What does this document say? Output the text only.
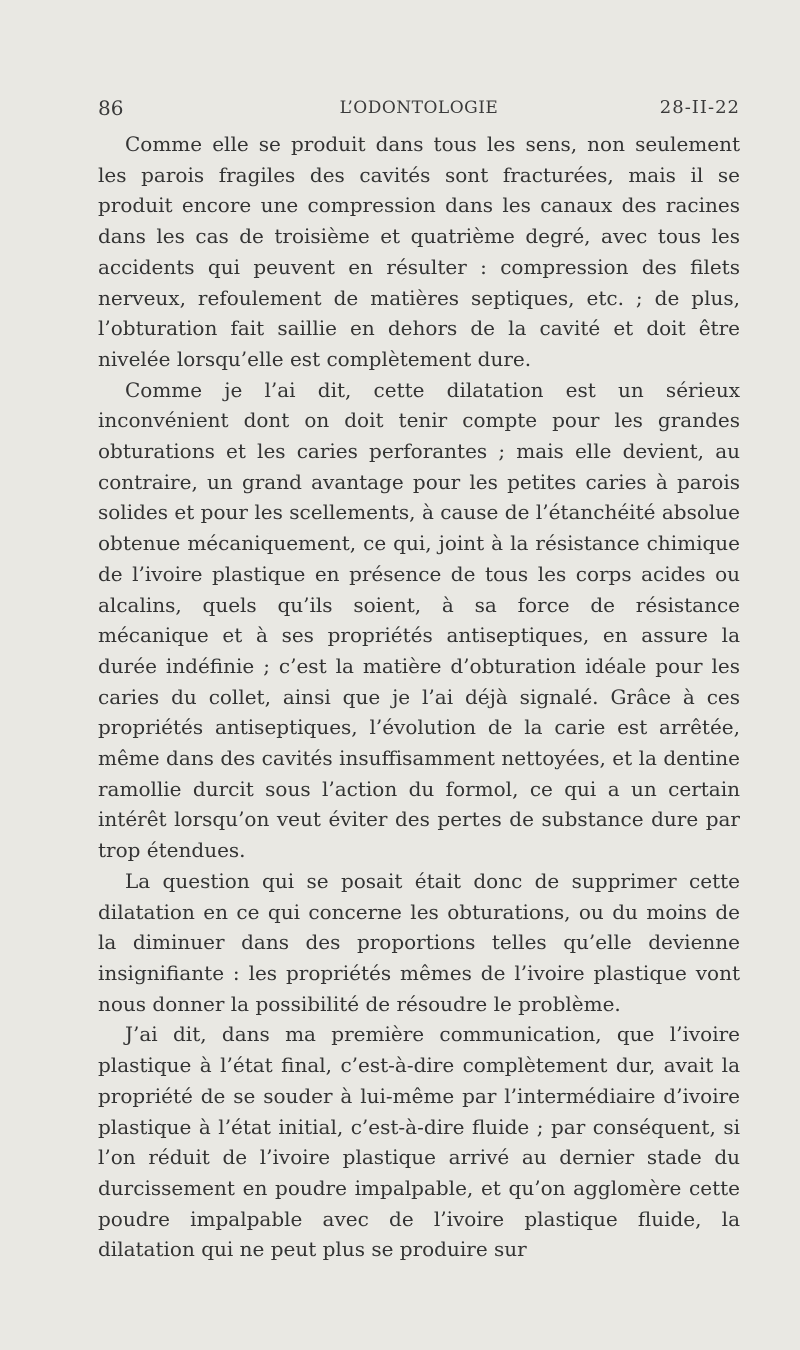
86	L’ODONTOLOGIE	28-II-22

Comme elle se produit dans tous les sens, non seulement les parois fragiles des cavités sont fracturées, mais il se produit encore une compression dans les canaux des racines dans les cas de troisième et quatrième degré, avec tous les accidents qui peuvent en résulter : compression des filets nerveux, refoulement de matières septiques, etc. ; de plus, l’obturation fait saillie en dehors de la cavité et doit être nivelée lorsqu’elle est complètement dure.

Comme je l’ai dit, cette dilatation est un sérieux inconvénient dont on doit tenir compte pour les grandes obturations et les caries perforantes ; mais elle devient, au contraire, un grand avantage pour les petites caries à parois solides et pour les scellements, à cause de l’étanchéité absolue obtenue mécaniquement, ce qui, joint à la résistance chimique de l’ivoire plastique en présence de tous les corps acides ou alcalins, quels qu’ils soient, à sa force de résistance mécanique et à ses propriétés antiseptiques, en assure la durée indéfinie ; c’est la matière d’obturation idéale pour les caries du collet, ainsi que je l’ai déjà signalé. Grâce à ces propriétés antiseptiques, l’évolution de la carie est arrêtée, même dans des cavités insuffisamment nettoyées, et la dentine ramollie durcit sous l’action du formol, ce qui a un certain intérêt lorsqu’on veut éviter des pertes de substance dure par trop étendues.

La question qui se posait était donc de supprimer cette dilatation en ce qui concerne les obturations, ou du moins de la diminuer dans des proportions telles qu’elle devienne insignifiante : les propriétés mêmes de l’ivoire plastique vont nous donner la possibilité de résoudre le problème.

J’ai dit, dans ma première communication, que l’ivoire plastique à l’état final, c’est-à-dire complètement dur, avait la propriété de se souder à lui-même par l’intermédiaire d’ivoire plastique à l’état initial, c’est-à-dire fluide ; par conséquent, si l’on réduit de l’ivoire plastique arrivé au dernier stade du durcissement en poudre impalpable, et qu’on agglomère cette poudre impalpable avec de l’ivoire plastique fluide, la dilatation qui ne peut plus se produire sur
